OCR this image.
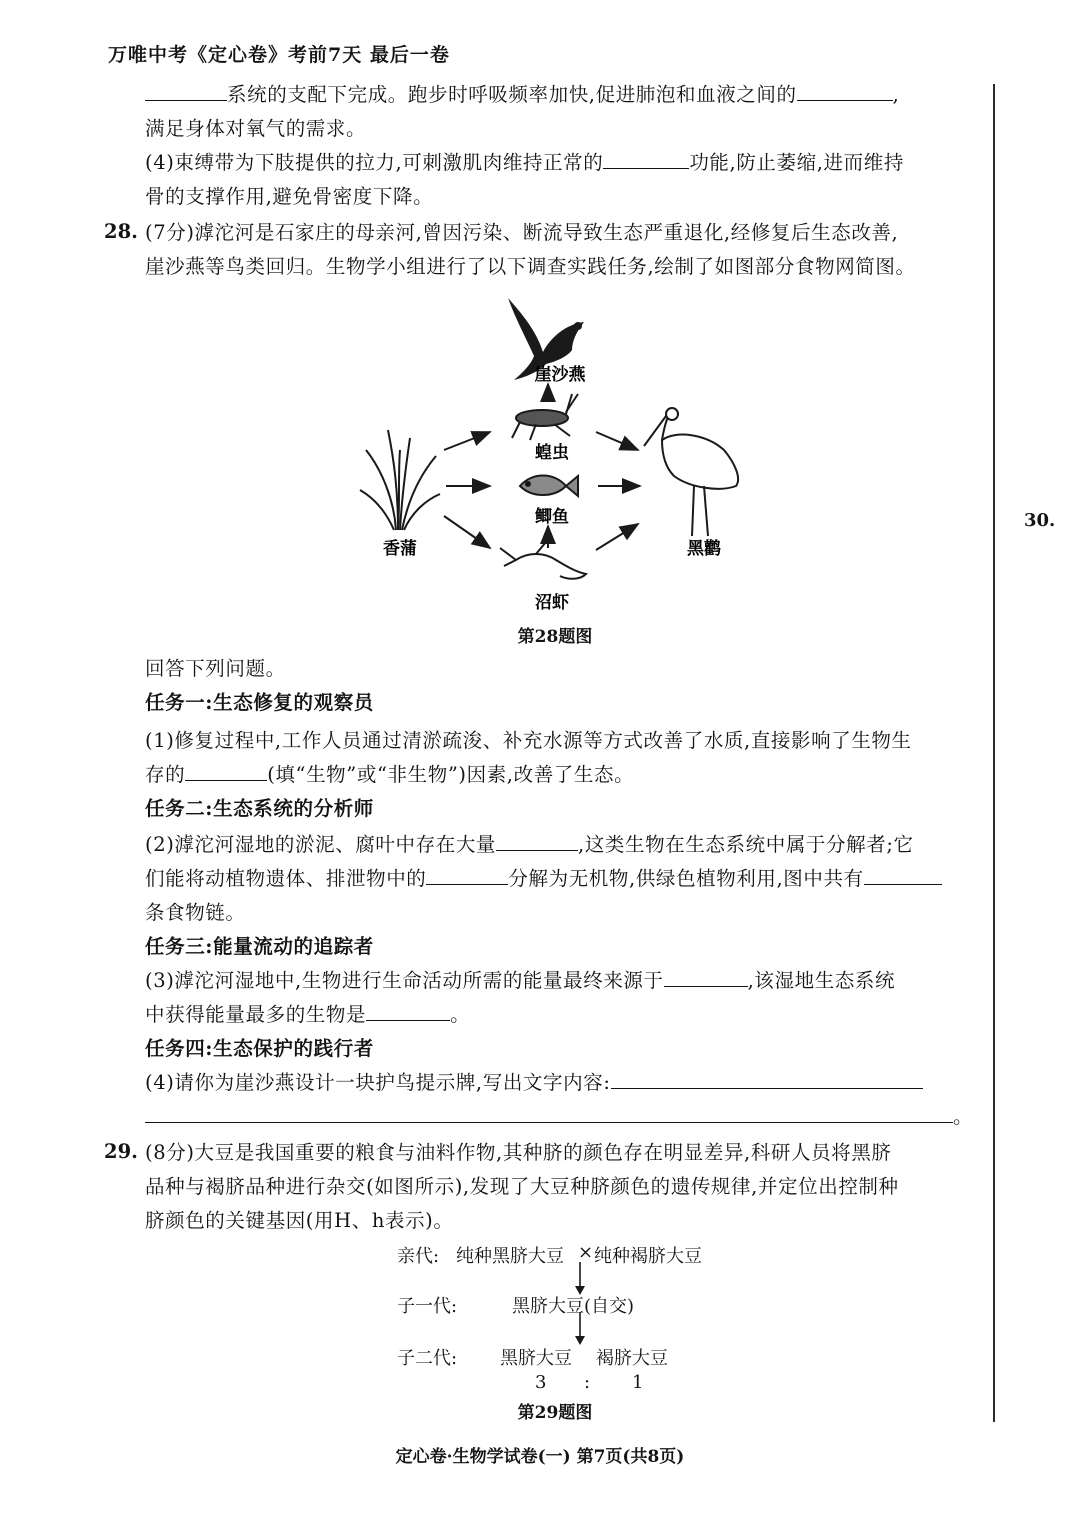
万唯中考《定心卷》考前7天 最后一卷
30.
系统的支配下完成。跑步时呼吸频率加快,促进肺泡和血液之间的	,
满足身体对氧气的需求。
(4)束缚带为下肢提供的拉力,可刺激肌肉维持正常的	功能,防止萎缩,进而维持
骨的支撑作用,避免骨密度下降。
28. (7分)滹沱河是石家庄的母亲河,曾因污染、断流导致生态严重退化,经修复后生态改善,
崖沙燕等鸟类回归。生物学小组进行了以下调查实践任务,绘制了如图部分食物网简图。
崖沙燕
蝗虫
鲫鱼
沼虾
香蒲	黑鹳
第28题图
回答下列问题。
任务一:生态修复的观察员
(1)修复过程中,工作人员通过清淤疏浚、补充水源等方式改善了水质,直接影响了生物生
存的	(填“生物”或“非生物”)因素,改善了生态。
任务二:生态系统的分析师
(2)滹沱河湿地的淤泥、腐叶中存在大量	,这类生物在生态系统中属于分解者;它
们能将动植物遗体、排泄物中的	分解为无机物,供绿色植物利用,图中共有
条食物链。
任务三:能量流动的追踪者
(3)滹沱河湿地中,生物进行生命活动所需的能量最终来源于	,该湿地生态系统
中获得能量最多的生物是	。
任务四:生态保护的践行者
(4)请你为崖沙燕设计一块护鸟提示牌,写出文字内容:
。
29. (8分)大豆是我国重要的粮食与油料作物,其种脐的颜色存在明显差异,科研人员将黑脐
品种与褐脐品种进行杂交(如图所示),发现了大豆种脐颜色的遗传规律,并定位出控制种
脐颜色的关键基因(用H、h表示)。
亲代: 纯种黑脐大豆 × 纯种褐脐大豆
子一代:	黑脐大豆(自交)
子二代: 黑脐大豆 褐脐大豆
3 : 1
第29题图
定心卷·生物学试卷(一) 第7页(共8页)
